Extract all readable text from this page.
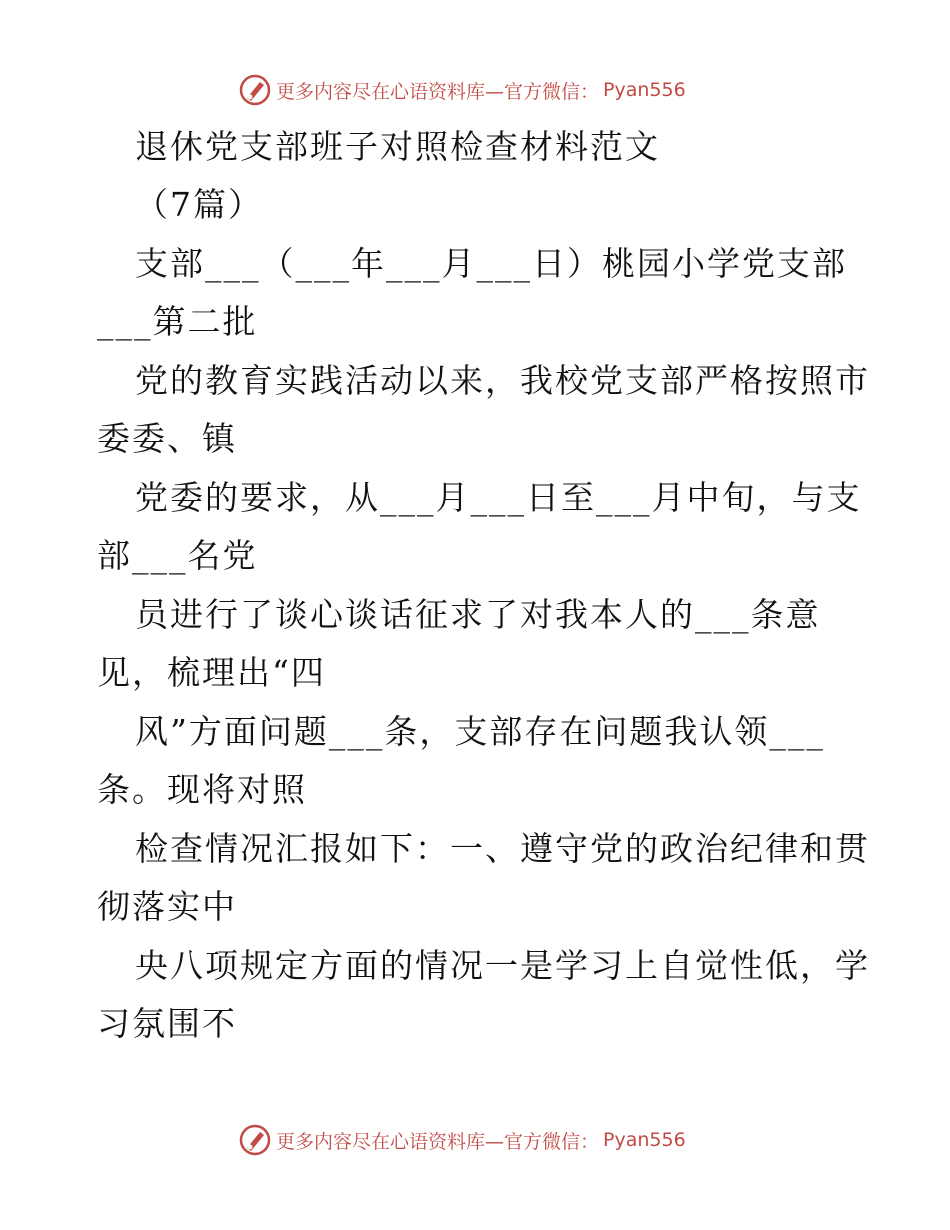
更多内容尽在心语资料库—官方微信： Pyan556
退休党支部班子对照检查材料范文
（7篇）
支部___（___年___月___日）桃园小学党支部
___第二批
党的教育实践活动以来，我校党支部严格按照市
委委、镇
党委的要求，从___月___日至___月中旬，与支
部___名党
员进行了谈心谈话征求了对我本人的___条意
见，梳理出“四
风”方面问题___条，支部存在问题我认领___
条。现将对照
检查情况汇报如下：一、遵守党的政治纪律和贯
彻落实中
央八项规定方面的情况一是学习上自觉性低，学
习氛围不
更多内容尽在心语资料库—官方微信： Pyan556
